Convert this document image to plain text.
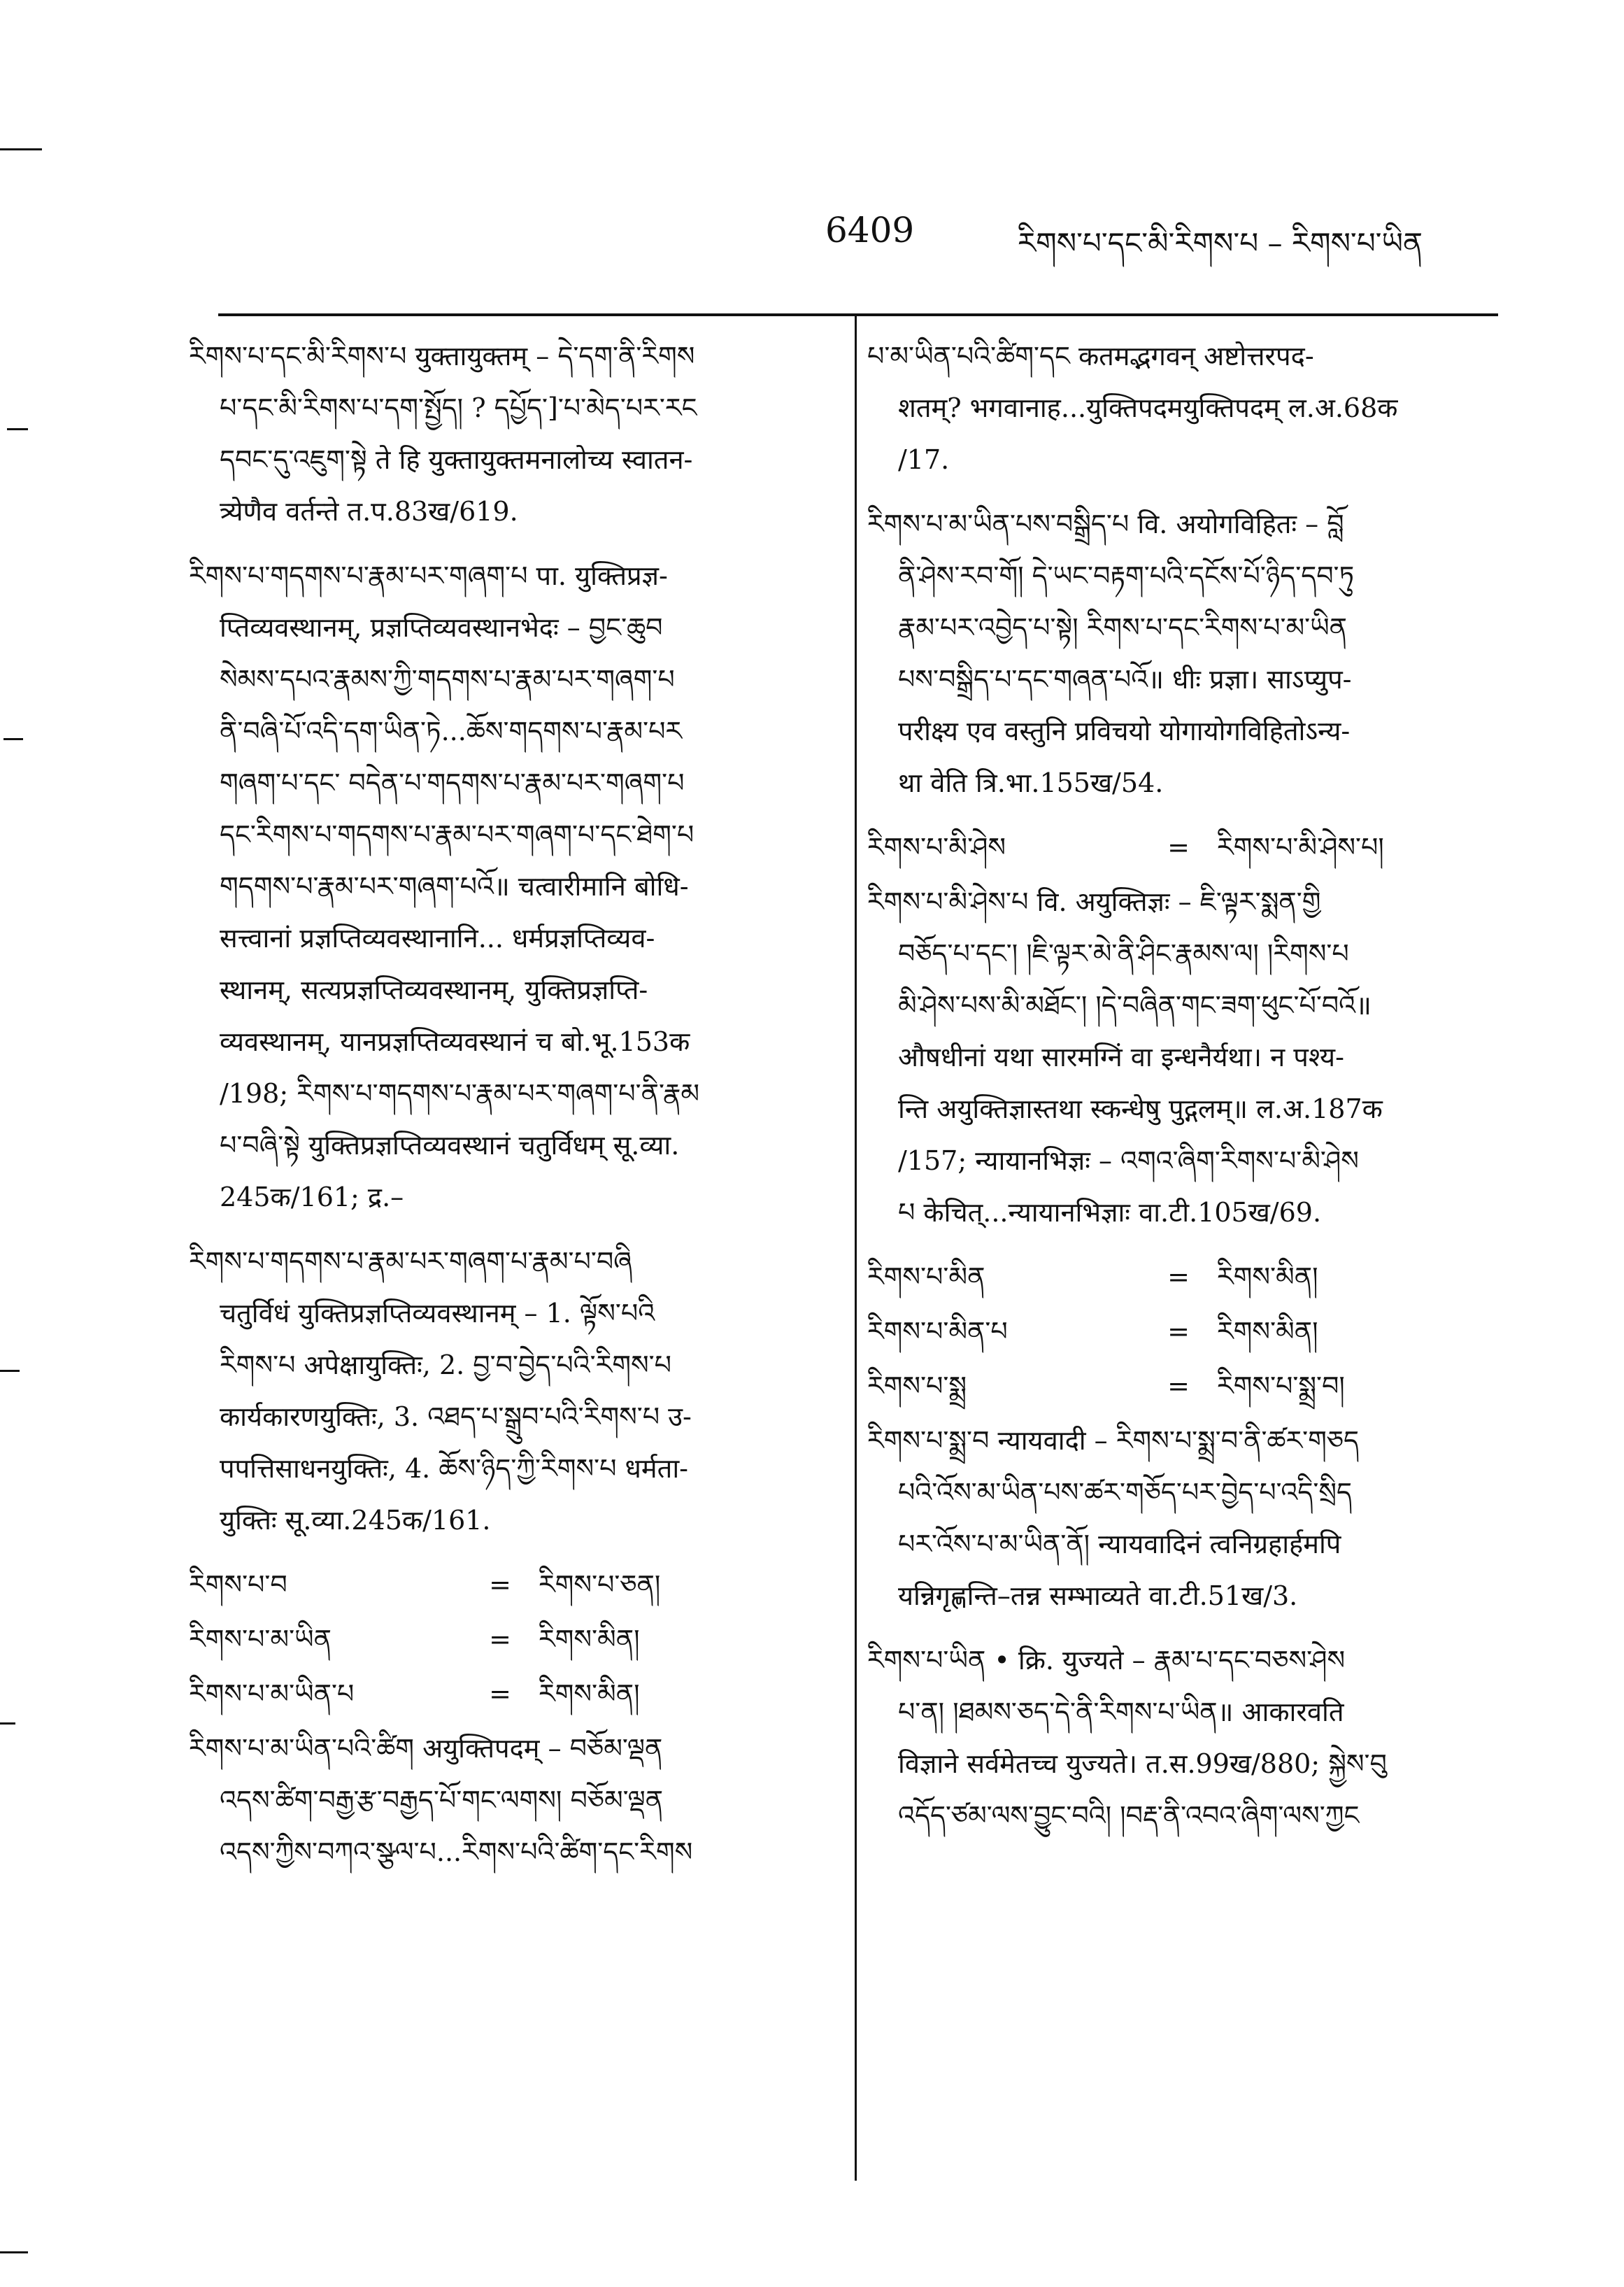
6409	རིགས་པ་དང་མི་རིགས་པ – རིགས་པ་ཡིན
རིགས་པ་དང་མི་རིགས་པ युक्तायुक्तम् – དེ་དག་ནི་རིགས
པ་དང་མི་རིགས་པ་དག་སྤྱོད། ? དཔྱོད་]་པ་མེད་པར་རང
དབང་དུ་འཇུག་སྟེ ते हि युक्तायुक्तमनालोच्य स्वातन-
त्र्येणैव वर्तन्ते त.प.83ख/619.
རིགས་པ་གདགས་པ་རྣམ་པར་གཞག་པ पा. युक्तिप्रज्ञ-
प्तिव्यवस्थानम्, प्रज्ञप्तिव्यवस्थानभेदः – བྱང་ཆུབ
སེམས་དཔའ་རྣམས་ཀྱི་གདགས་པ་རྣམ་པར་གཞག་པ
ནི་བཞི་པོ་འདི་དག་ཡིན་ཏེ...ཆོས་གདགས་པ་རྣམ་པར
གཞག་པ་དང་ བདེན་པ་གདགས་པ་རྣམ་པར་གཞག་པ
དང་རིགས་པ་གདགས་པ་རྣམ་པར་གཞག་པ་དང་ཐེག་པ
གདགས་པ་རྣམ་པར་གཞག་པའོ॥ चत्वारीमानि बोधि-
सत्त्वानां प्रज्ञप्तिव्यवस्थानानि... धर्मप्रज्ञप्तिव्यव-
स्थानम्, सत्यप्रज्ञप्तिव्यवस्थानम्, युक्तिप्रज्ञप्ति-
व्यवस्थानम्, यानप्रज्ञप्तिव्यवस्थानं च बो.भू.153क
/198; རིགས་པ་གདགས་པ་རྣམ་པར་གཞག་པ་ནི་རྣམ
པ་བཞི་སྟེ युक्तिप्रज्ञप्तिव्यवस्थानं चतुर्विधम् सू.व्या.
245क/161; द्र.–
རིགས་པ་གདགས་པ་རྣམ་པར་གཞག་པ་རྣམ་པ་བཞི
चतुर्विधं युक्तिप्रज्ञप्तिव्यवस्थानम् – 1. ལྟོས་པའི
རིགས་པ अपेक्षायुक्तिः, 2. བྱ་བ་བྱེད་པའི་རིགས་པ
कार्यकारणयुक्तिः, 3. འཐད་པ་སྒྲུབ་པའི་རིགས་པ उ-
पपत्तिसाधनयुक्तिः, 4. ཆོས་ཉིད་ཀྱི་རིགས་པ धर्मता-
युक्तिः सू.व्या.245क/161.
རིགས་པ་བ	=	རིགས་པ་ཅན།
རིགས་པ་མ་ཡིན	=	རིགས་མིན།
རིགས་པ་མ་ཡིན་པ	=	རིགས་མིན།
རིགས་པ་མ་ཡིན་པའི་ཚིག अयुक्तिपदम् – བཅོམ་ལྡན
འདས་ཚིག་བརྒྱ་རྩ་བརྒྱད་པོ་གང་ལགས། བཅོམ་ལྡན
འདས་ཀྱིས་བཀའ་སྩལ་པ...རིགས་པའི་ཚིག་དང་རིགས
པ་མ་ཡིན་པའི་ཚིག་དང कतमद्भगवन् अष्टोत्तरपद-
शतम्? भगवानाह...युक्तिपदमयुक्तिपदम् ल.अ.68क
/17.
རིགས་པ་མ་ཡིན་པས་བསྒྲིད་པ वि. अयोगविहितः – བློ
ནི་ཤེས་རབ་གོ། དེ་ཡང་བརྟག་པའི་དངོས་པོ་ཉིད་དབ་ཏུ
རྣམ་པར་འབྱེད་པ་སྟེ། རིགས་པ་དང་རིགས་པ་མ་ཡིན
པས་བསྒྲིད་པ་དང་གཞན་པའོ॥ धीः प्रज्ञा। साऽप्युप-
परीक्ष्य एव वस्तुनि प्रविचयो योगायोगविहितोऽन्य-
था वेति त्रि.भा.155ख/54.
རིགས་པ་མི་ཤེས	=	རིགས་པ་མི་ཤེས་པ།
རིགས་པ་མི་ཤེས་པ वि. अयुक्तिज्ञः – ཇི་ལྟར་སྨན་གྱི
བཅོད་པ་དང་། །ཇི་ལྟར་མེ་ནི་ཤིང་རྣམས་ལ། །རིགས་པ
མི་ཤེས་པས་མི་མཐོང་། །དེ་བཞིན་གང་ཟག་ཕུང་པོ་བའོ॥
औषधीनां यथा सारमग्निं वा इन्धनैर्यथा। न पश्य-
न्ति अयुक्तिज्ञास्तथा स्कन्धेषु पुद्गलम्॥ ल.अ.187क
/157; न्यायानभिज्ञः – འགའ་ཞིག་རིགས་པ་མི་ཤེས
པ केचित्...न्यायानभिज्ञाः वा.टी.105ख/69.
རིགས་པ་མིན	=	རིགས་མིན།
རིགས་པ་མིན་པ	=	རིགས་མིན།
རིགས་པ་སྨྲ	=	རིགས་པ་སྨྲ་བ།
རིགས་པ་སྨྲ་བ न्यायवादी – རིགས་པ་སྨྲ་བ་ནི་ཚར་གཅད
པའི་འོས་མ་ཡིན་པས་ཚར་གཅོད་པར་བྱེད་པ་འདི་སྲིད
པར་འོས་པ་མ་ཡིན་ནོ། न्यायवादिनं त्वनिग्रहार्हमपि
यन्निगृह्णन्ति–तन्न सम्भाव्यते वा.टी.51ख/3.
རིགས་པ་ཡིན • क्रि. युज्यते – རྣམ་པ་དང་བཅས་ཤེས
པ་ན། །ཐམས་ཅད་དེ་ནི་རིགས་པ་ཡིན॥ आकारवति
विज्ञाने सर्वमेतच्च युज्यते। त.स.99ख/880; སྐྱེས་བུ
འདོད་ཙམ་ལས་བྱུང་བའི། །བརྡ་ནི་འབའ་ཞིག་ལས་ཀྱང
